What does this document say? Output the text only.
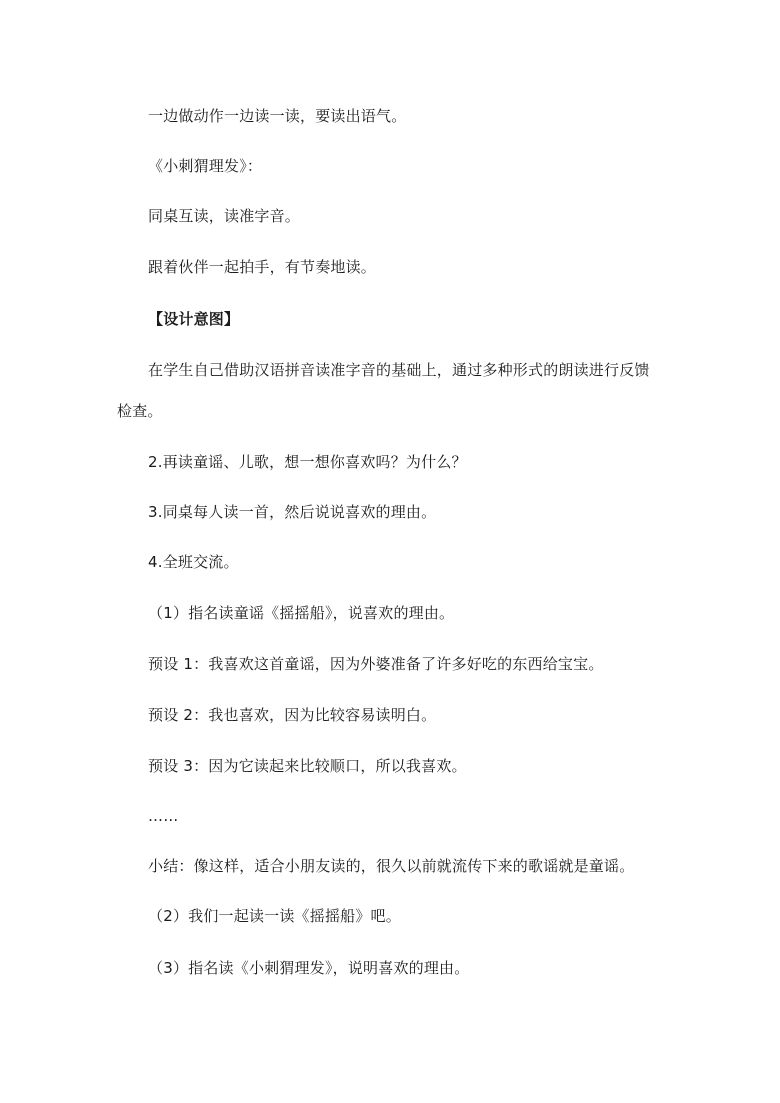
一边做动作一边读一读，要读出语气。
《小刺猬理发》：
同桌互读，读准字音。
跟着伙伴一起拍手，有节奏地读。
【设计意图】
在学生自己借助汉语拼音读准字音的基础上，通过多种形式的朗读进行反馈
检查。
2.再读童谣、儿歌，想一想你喜欢吗？为什么？
3.同桌每人读一首，然后说说喜欢的理由。
4.全班交流。
（1）指名读童谣《摇摇船》，说喜欢的理由。
预设 1：我喜欢这首童谣，因为外婆准备了许多好吃的东西给宝宝。
预设 2：我也喜欢，因为比较容易读明白。
预设 3：因为它读起来比较顺口，所以我喜欢。
……
小结：像这样，适合小朋友读的，很久以前就流传下来的歌谣就是童谣。
（2）我们一起读一读《摇摇船》吧。
（3）指名读《小刺猬理发》，说明喜欢的理由。
